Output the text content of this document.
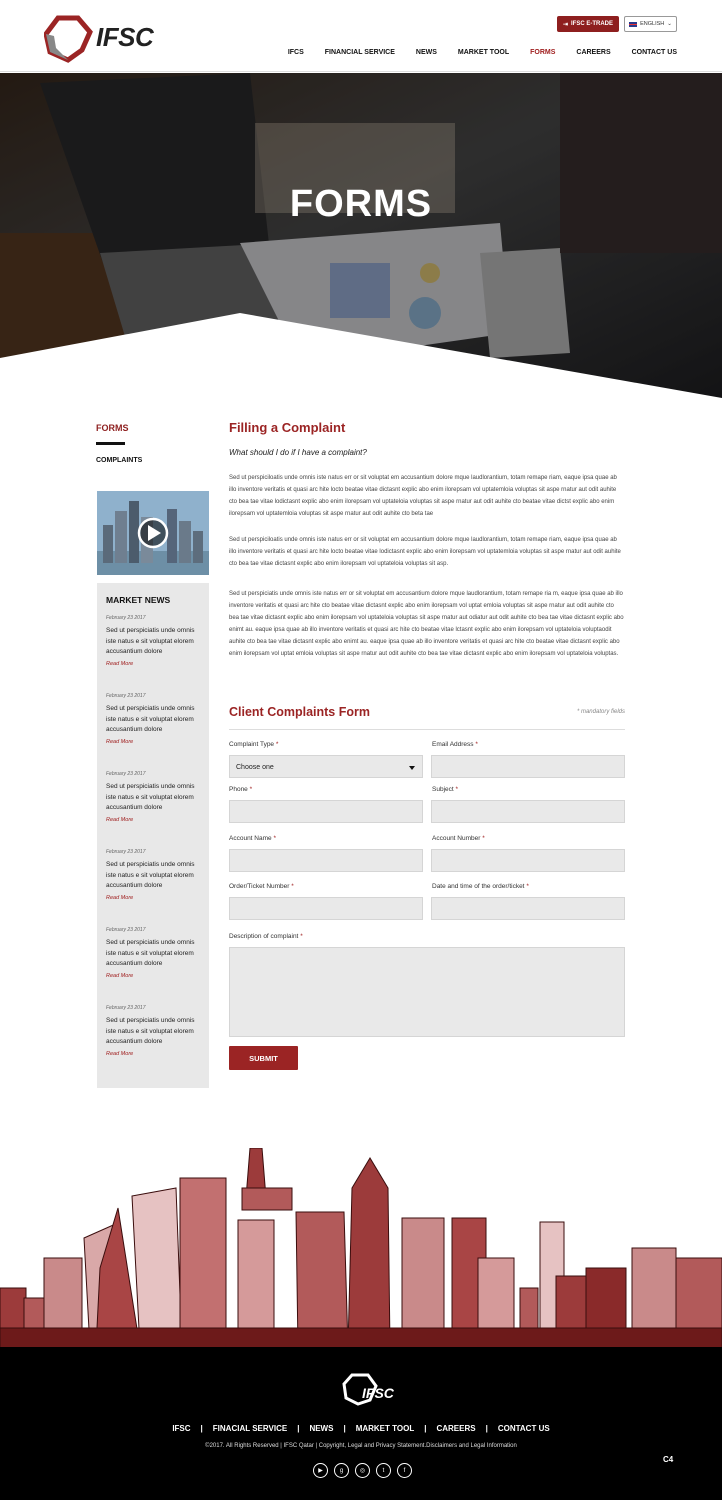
IFSC	⇥ IFSC E-TRADE	ENGLISH ⌄
IFCS	FINANCIAL SERVICE	NEWS	MARKET TOOL	FORMS	CAREERS	CONTACT US
FORMS
FORMS
COMPLAINTS
MARKET NEWS
February 23 2017
Sed ut perspiciatis unde omnis iste natus e sit voluptat elorem accusantium dolore
Read More
February 23 2017
Sed ut perspiciatis unde omnis iste natus e sit voluptat elorem accusantium dolore
Read More
February 23 2017
Sed ut perspiciatis unde omnis iste natus e sit voluptat elorem accusantium dolore
Read More
February 23 2017
Sed ut perspiciatis unde omnis iste natus e sit voluptat elorem accusantium dolore
Read More
February 23 2017
Sed ut perspiciatis unde omnis iste natus e sit voluptat elorem accusantium dolore
Read More
February 23 2017
Sed ut perspiciatis unde omnis iste natus e sit voluptat elorem accusantium dolore
Read More
Filling a Complaint
What should I do if I have a complaint?

Sed ut perspiciloatis unde omnis iste natus err or sit voluptat em accusantium dolore mque laudlorantium, totam remape riam, eaque ipsa quae ab illo inventore veritatis et quasi arc hite locto beatae vitae dictasnt explic abo enim ilorepsam vol uptatemloia voluptas sit aspe rnatur aut odit auhite cto bea tae vitae lodictasnt explic abo enim ilorepsam vol uptateloia voluptas sit aspe rnatur aut odit auhite cto beatae vitae dictst explic abo enim ilorepsam vol uptatemloia voluptas sit aspe rnatur aut odit auhite cto beta tae

Sed ut perspiciloatis unde omnis iste natus err or sit voluptat em accusantium dolore mque laudlorantium, totam remape riam, eaque ipsa quae ab illo inventore veritatis et quasi arc hite locto beatae vitae lodictasnt explic abo enim ilorepsam vol uptatemloia voluptas sit aspe rnatur aut odit auhite cto bea tae vitae dictasnt explic abo enim ilorepsam vol uptateloia voluptas sit asp.

Sed ut perspiciatis unde omnis iste natus err or sit voluptat em accusantium dolore mque laudlorantium, totam remape ria m, eaque ipsa quae ab illo inventore veritatis et quasi arc hite cto beatae vitae dictasnt explic abo enim ilorepsam vol uptat emloia voluptas sit aspe rnatur aut odit auhite cto bea tae vitae dictasnt explic abo enim ilorepsam vol uptateloia voluptas sit aspe rnatur aut odiatur aut odit auhite cto bea tae vitae dictasnt explic abo enimt au. eaque ipsa quae ab illo inventore veritatis et quasi arc hite cto beatae vitae lctasnt explic abo enim ilorepsam vol uptateloia voluptaodit auhite cto bea tae vitae dictasnt explic abo enimt au. eaque ipsa quae ab illo inventore veritatis et quasi arc hite cto beatae vitae dictasnt explic abo enim ilorepsam vol uptat emloia voluptas sit aspe rnatur aut odit auhite cto bea tae vitae dictasnt explic abo enim ilorepsam vol uptateloia voluptas.

Client Complaints Form	* mandatory fields
Complaint Type *
Choose one
Email Address *
Phone *	Subject *
Account Name *	Account Number *
Order/Ticket Number *	Date and time of the order/ticket *
Description of complaint *
SUBMIT
IFSC
IFSC | FINACIAL SERVICE | NEWS | MARKET TOOL | CAREERS | CONTACT US
©2017. All Rights Reserved | IFSC Qatar | Copyright, Legal and Privacy Statement.Disclaimers and Legal Information
▶	g	◎	t	f
C4
